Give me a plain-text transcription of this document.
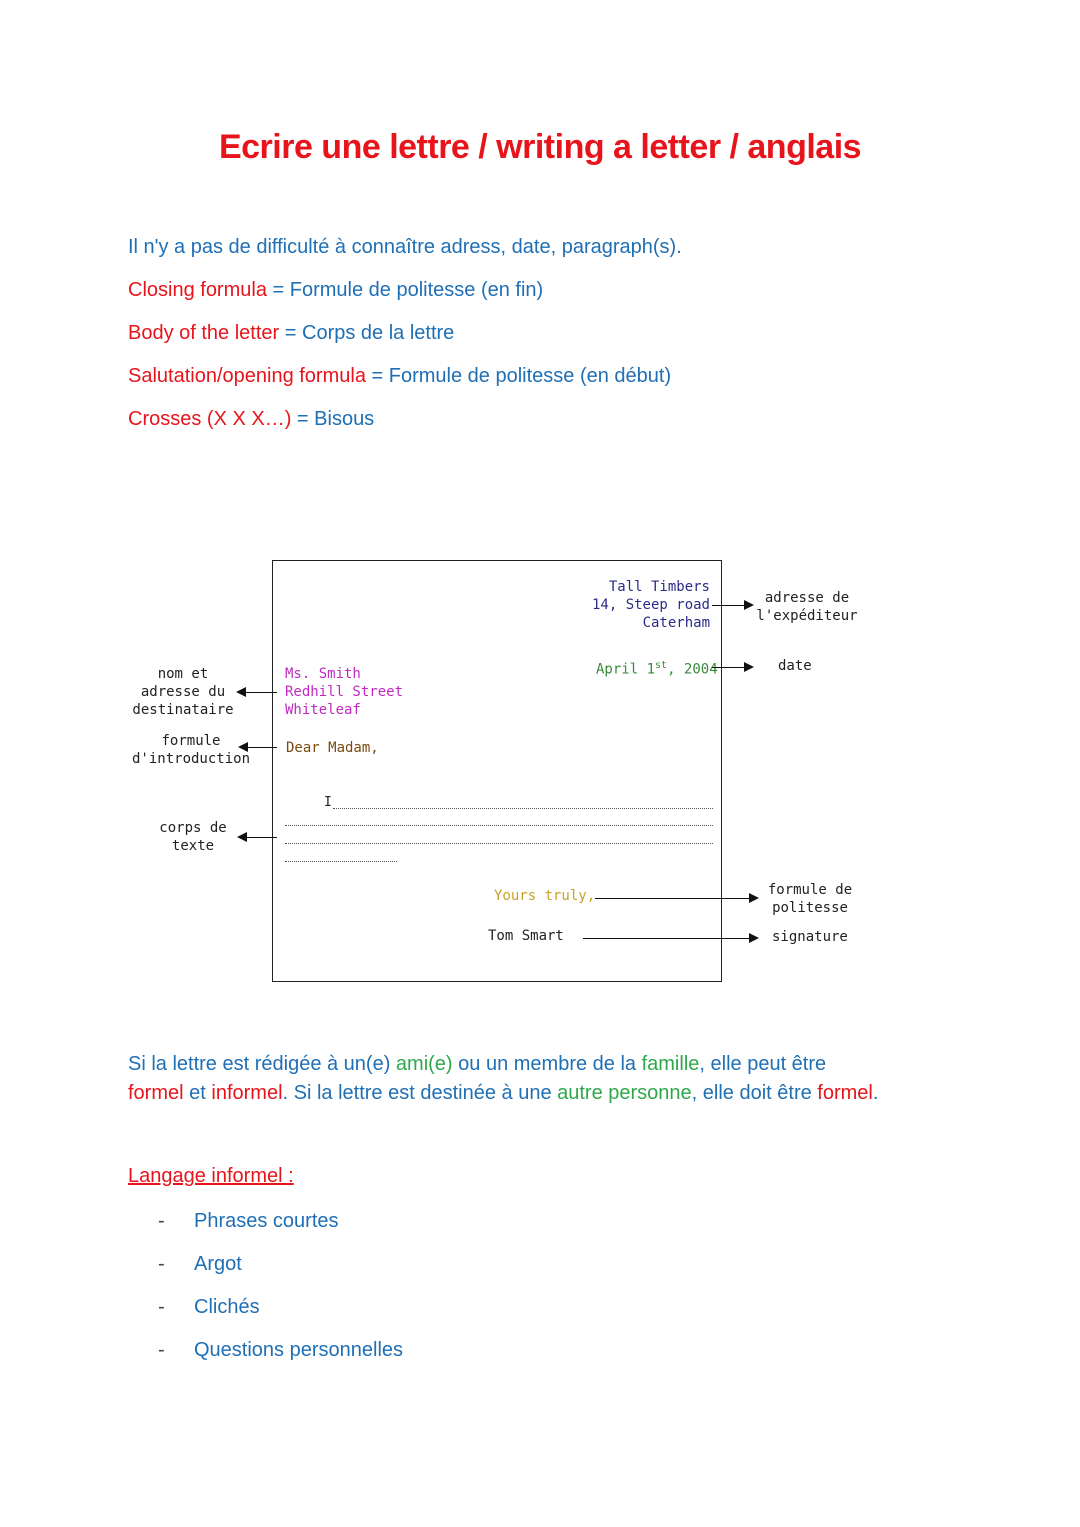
Ecrire une lettre / writing a letter / anglais
Il n'y a pas de difficulté à connaître adress, date, paragraph(s).
Closing formula = Formule de politesse (en fin)
Body of the letter = Corps de la lettre
Salutation/opening formula = Formule de politesse (en début)
Crosses (X X X…) = Bisous
Tall Timbers
14, Steep road
Caterham
April 1st, 2004
Ms. Smith
Redhill Street
Whiteleaf
Dear Madam,
I
Yours truly,
Tom Smart
nom et
adresse du
destinataire
formule
d'introduction
corps de
texte
adresse de
l'expéditeur
date
formule de
politesse
signature
Si la lettre est rédigée à un(e) ami(e) ou un membre de la famille, elle peut être
formel et informel. Si la lettre est destinée à une autre personne, elle doit être formel.
Langage informel :
- Phrases courtes
- Argot
- Clichés
- Questions personnelles
